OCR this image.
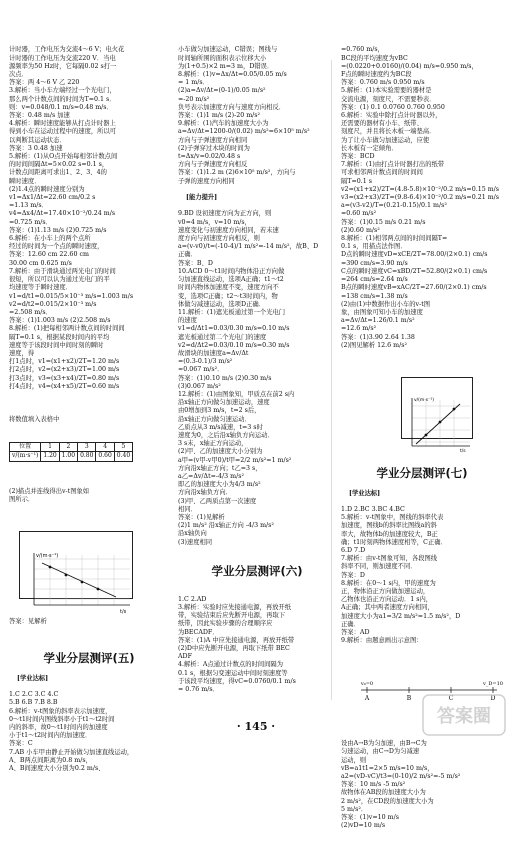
计时器，工作电压为交流4～6 V；电火花
计时器的工作电压为交流220 V．当电
源频率为50 Hz时，它每隔0.02 s打一
次点．
答案：两 4～6 V 乙 220
3.解析：当小车左端经过一个光电门，
那么两个计数点间的时间为T=0.1 s．
则：v=0.048/0.1 m/s=0.48 m/s．
答案：0.48 m/s 加速
4.解析：瞬时速度能够从打点计时器上
得到小车在运动过程中的速度，所以可
以判断其运动状态．
答案：3 0.48 加速
5.解析：(1)从O点开始每相邻计数点间
的时间间隔Δt=5×0.02 s=0.1 s，
计数点间距离可求出1、2、3、4的
瞬时速度．
(2)1.4点的瞬时速度分别为
v1=Δx1/Δt=22.60 cm/0.2 s
=1.13 m/s．
v4=Δx4/Δt=17.40×10⁻²/0.24 m/s
=0.725 m/s．
答案：(1)1.13 m/s (2)0.725 m/s
6.解析：在小车上的两个点所
经过的时间为一个点的瞬时速度，
答案：12.60 cm 22.60 cm
30.00 cm 0.625 m/s
7.解析：由于滑块通过两光电门的时间
很短，所以可以认为通过光电门的平
均速度等于瞬时速度．
v1=d/t1=0.015/5×10⁻³ m/s=1.003 m/s
v2=d/t2=0.015/2×10⁻³ m/s
=2.508 m/s．
答案：(1)1.003 m/s (2)2.508 m/s
8.解析：(1)把每相邻两计数点间的时间间
隔T=0.1 s，根据某段时间内的平均
速度等于该段时间中间时刻的瞬时
速度，得
打1点时，v1=(x1+x2)/2T=1.20 m/s
打2点时，v2=(x2+x3)/2T=1.00 m/s
打3点时，v3=(x3+x4)/2T=0.80 m/s
打4点时，v4=(x4+x5)/2T=0.60 m/s

将数值填入表格中

位置	1	2	3	4	5
v/(m·s⁻¹)	1.20	1.00	0.80	0.60	0.40

(2)描点并连线得出v-t图象如
图所示．

v/(m·s⁻¹)
t/s

答案：见解析

学业分层测评(五)

[学业达标]

1.C 2.C 3.C 4.C
5.B 6.B 7.B 8.B
6.解析：v-t图象的斜率表示加速度，
0～t1时间内图线斜率小于t1～t2时间
内的斜率，故0～t1时间内的加速度
小于t1～t2时间内的加速度．
答案：C
7.AB 小车甲由静止开始做匀加速直线运动，
A、B两点间距离为0.8 m/s，
A、B间速度大小分别为0.2 m/s、

小车做匀加速运动，C错误；图线与
时间轴所围的面积表示位移大小
为(1+0.5)×2 m=3 m，D错误．
8.解析：(1)v=Δx/Δt=0.05/0.05 m/s
= 1 m/s．
(2)a=Δv/Δt=(0-1)/0.05 m/s²
=-20 m/s²
负号表示加速度方向与速度方向相反．
答案：(1)1 m/s (2)-20 m/s²
9.解析：(1)汽车的加速度大小为
a=Δv/Δt=1200-0/(0.02) m/s²=6×10⁵ m/s²
方向与子弹速度方向相同
(2)子弹穿过木块的时间为
t=Δx/v=0.02/0.48 s
方向与子弹速度方向相反
答案：(1)1.2 m (2)6×10⁵ m/s²，方向与
子弹的速度方向相同

[能力提升]

9.BD 设初速度方向为正方向，则
v0=4 m/s，v=10 m/s，
速度变化与初速度方向相同，若末速
度方向与初速度方向相反，则
a=(v-v0)/t=(-10-4)/1 m/s²=-14 m/s²，故B、D
正确．
答案：B、D
10.ACD 0～t1时间内物体沿正方向做
匀加速直线运动，选项A正确；t1～t2
时间内物体加速度不变，速度方向不
变，选项C正确；t2～t3时间内，物
体做匀减速运动，选项D正确．
11.解析：(1)遮光板通过第一个光电门
的速度
v1=d/Δt1=0.03/0.30 m/s=0.10 m/s
遮光板通过第二个光电门的速度
v2=d/Δt2=0.03/0.10 m/s=0.30 m/s
故滑块的加速度a=Δv/Δt
=(0.3-0.1)/3 m/s²
≈0.067 m/s²．
答案：(1)0.10 m/s (2)0.30 m/s
(3)0.067 m/s²
12.解析：(1)由图象知，甲质点在前2 s内
沿x轴正方向做匀加速运动，速度
由0增加到3 m/s，t=2 s后，
沿x轴正方向做匀速运动．
乙质点从3 m/s减速，t=3 s时
速度为0，之后沿x轴负方向运动．
3 s末，x轴正方向运动，
(2)甲、乙的加速度大小分别为
a甲=(v甲-v甲0)/t甲=2/2 m/s²=1 m/s²
方向沿x轴正方向；t乙=3 s，
a乙=Δv/Δt=-4/3 m/s²
即乙的加速度大小为4/3 m/s²
方向沿x轴负方向．
(3)甲、乙两质点第一次速度
相同．
答案：(1)见解析
(2)1 m/s² 沿x轴正方向 -4/3 m/s²
沿x轴负向
(3)速度相同

学业分层测评(六)

1.C 2.AD
3.解析：实验时应先接通电源，再放开纸
带，实验结束后应先断开电源，再取下
纸带，因此实验步骤的合理顺序应
为BECADF．
答案：(1)A 中应先接通电源，再放开纸带
(2)D中应先断开电源，再取下纸带 BEC
ADF
4.解析：A点通过计数点的时间间隔为
0.1 s，根据匀变速运动中间时刻速度等
于该段平均速度，得vC=0.0760/0.1 m/s
= 0.76 m/s．

=0.760 m/s，
BC段的平均速度为vBC
=(0.0220+0.0160)/(0.04) m/s=0.950 m/s，
F点的瞬时速度约为BC段
答案：0.760 m/s 0.950 m/s
5.解析：(1)本实验需要的器材是
交流电源，刻度尺，不需要秒表．
答案：(1) 0.1 0.0760 0.760 0.950
6.解析：实验中除打点计时器以外，
还需要的器材有小车、纸带、
刻度尺，并且将长木板一端垫高．
为了让小车做匀加速运动，应使
长木板有一定倾角．
答案：BCD
7.解析：(1)由打点计时器打出的纸带
可求相邻两计数点间的时间间
隔T=0.1 s
v2=(x1+x2)/2T=(4.8-5.8)×10⁻²/0.2 m/s=0.15 m/s
v3=(x2+x3)/2T=(9.8-6.4)×10⁻²/0.2 m/s=0.21 m/s
a=(v3-v2)/T=(0.21-0.15)/0.1 m/s²
=0.60 m/s²
答案：(1)0.15 m/s 0.21 m/s
(2)0.60 m/s²
8.解析：(1)相邻两点间的时间间隔T=
0.1 s，用描点法作图．
D点的瞬时速度vD=xCE/2T=78.00/(2×0.1) cm/s
=390 cm/s=3.90 m/s
C点的瞬时速度vC=xBD/2T=52.80/(2×0.1) cm/s
=264 cm/s=2.64 m/s
B点的瞬时速度vB=xAC/2T=27.60/(2×0.1) cm/s
=138 cm/s=1.38 m/s
(2)由(1)中数据作出小车的v-t图
象，由图象可知小车的加速度
a=Δv/Δt=1.26/0.1 m/s²
=12.6 m/s²
答案：(1)3.90 2.64 1.38
(2)图见解析 12.6 m/s²

v/(m·s⁻¹)
t/s

学业分层测评(七)

[学业达标]

1.D 2.BC 3.BC 4.BC
5.解析：v-t图象中，图线的斜率代表
加速度，图线b的斜率比图线a的斜
率大，故物体b的加速度较大，B正
确；t1时刻两物体速度相等，C正确．
6.D 7.D
7.解析：由v-t图象可知，各段图线
斜率不同，则加速度不同．
答案：D
8.解析：在0～1 s内，甲的速度为
正，物体沿正方向做加速运动，
乙物体也沿正方向运动．1 s内，
A正确；其中两者速度方向相同，
加速度大小为a1=3/2 m/s²=1.5 m/s²，D
正确．
答案：AD
9.解析：由题意画出示意图：

A
v₀=0
B	C	D
v_D=10

设由A→B为匀加速，由B→C为
匀速运动，由C→D为匀减速
运动，则
vB=a1t1=2×5 m/s=10 m/s，
a2=(vD-vC)/t3=(0-10)/2 m/s²=-5 m/s²
答案：10 m/s -5 m/s²
故物体在AB段的加速度大小为
2 m/s²，在CD段的加速度大小为
5 m/s²．
答案：(1)v=10 m/s
(2)vD=10 m/s

· 145 ·	答案圈
